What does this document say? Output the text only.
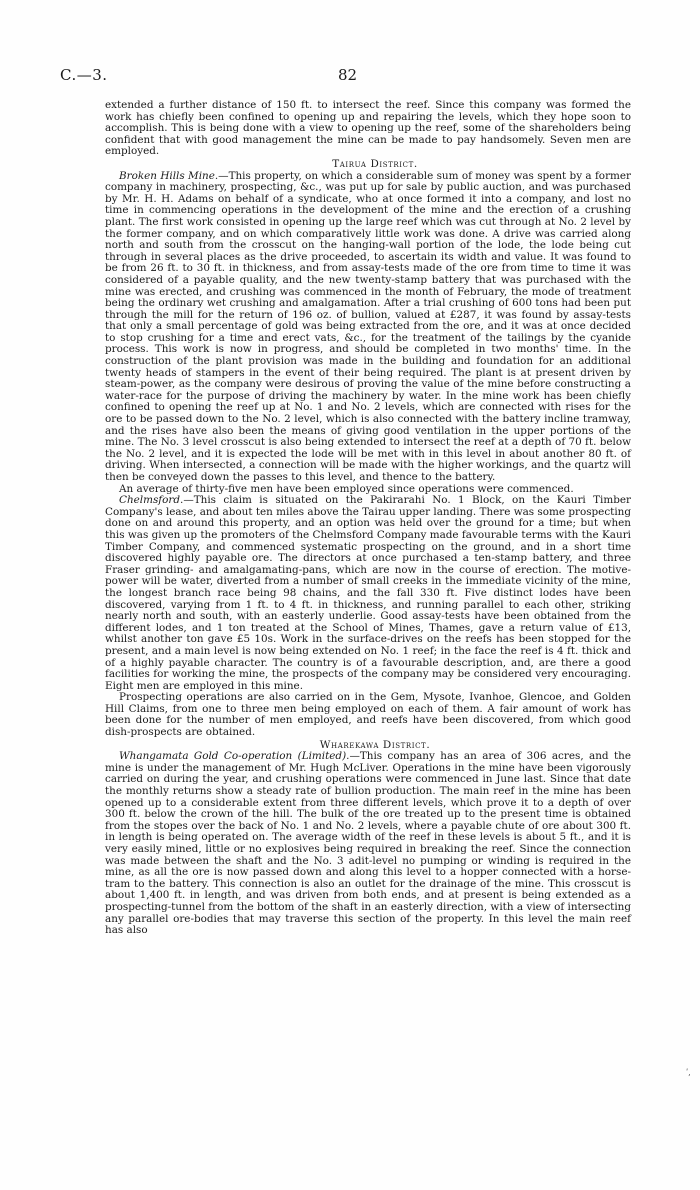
C.—3.	82

extended a further distance of 150 ft. to intersect the reef. Since this company was formed the work has chiefly been confined to opening up and repairing the levels, which they hope soon to accomplish. This is being done with a view to opening up the reef, some of the shareholders being confident that with good management the mine can be made to pay handsomely. Seven men are employed.

Tairua District.

Broken Hills Mine.—This property, on which a considerable sum of money was spent by a former company in machinery, prospecting, &c., was put up for sale by public auction, and was purchased by Mr. H. H. Adams on behalf of a syndicate, who at once formed it into a company, and lost no time in commencing operations in the development of the mine and the erection of a crushing plant. The first work consisted in opening up the large reef which was cut through at No. 2 level by the former company, and on which comparatively little work was done. A drive was carried along north and south from the crosscut on the hanging-wall portion of the lode, the lode being cut through in several places as the drive proceeded, to ascertain its width and value. It was found to be from 26 ft. to 30 ft. in thickness, and from assay-tests made of the ore from time to time it was considered of a payable quality, and the new twenty-stamp battery that was purchased with the mine was erected, and crushing was commenced in the month of February, the mode of treatment being the ordinary wet crushing and amalgamation. After a trial crushing of 600 tons had been put through the mill for the return of 196 oz. of bullion, valued at £287, it was found by assay-tests that only a small percentage of gold was being extracted from the ore, and it was at once decided to stop crushing for a time and erect vats, &c., for the treatment of the tailings by the cyanide process. This work is now in progress, and should be completed in two months' time. In the construction of the plant provision was made in the building and foundation for an additional twenty heads of stampers in the event of their being required. The plant is at present driven by steam-power, as the company were desirous of proving the value of the mine before constructing a water-race for the purpose of driving the machinery by water. In the mine work has been chiefly confined to opening the reef up at No. 1 and No. 2 levels, which are connected with rises for the ore to be passed down to the No. 2 level, which is also connected with the battery incline tramway, and the rises have also been the means of giving good ventilation in the upper portions of the mine. The No. 3 level crosscut is also being extended to intersect the reef at a depth of 70 ft. below the No. 2 level, and it is expected the lode will be met with in this level in about another 80 ft. of driving. When intersected, a connection will be made with the higher workings, and the quartz will then be conveyed down the passes to this level, and thence to the battery.

An average of thirty-five men have been employed since operations were commenced.

Chelmsford.—This claim is situated on the Pakirarahi No. 1 Block, on the Kauri Timber Company's lease, and about ten miles above the Tairau upper landing. There was some prospecting done on and around this property, and an option was held over the ground for a time; but when this was given up the promoters of the Chelmsford Company made favourable terms with the Kauri Timber Company, and commenced systematic prospecting on the ground, and in a short time discovered highly payable ore. The directors at once purchased a ten-stamp battery, and three Fraser grinding- and amalgamating-pans, which are now in the course of erection. The motive-power will be water, diverted from a number of small creeks in the immediate vicinity of the mine, the longest branch race being 98 chains, and the fall 330 ft. Five distinct lodes have been discovered, varying from 1 ft. to 4 ft. in thickness, and running parallel to each other, striking nearly north and south, with an easterly underlie. Good assay-tests have been obtained from the different lodes, and 1 ton treated at the School of Mines, Thames, gave a return value of £13, whilst another ton gave £5 10s. Work in the surface-drives on the reefs has been stopped for the present, and a main level is now being extended on No. 1 reef; in the face the reef is 4 ft. thick and of a highly payable character. The country is of a favourable description, and, are there a good facilities for working the mine, the prospects of the company may be considered very encouraging. Eight men are employed in this mine.

Prospecting operations are also carried on in the Gem, Mysote, Ivanhoe, Glencoe, and Golden Hill Claims, from one to three men being employed on each of them. A fair amount of work has been done for the number of men employed, and reefs have been discovered, from which good dish-prospects are obtained.

Wharekawa District.

Whangamata Gold Co-operation (Limited).—This company has an area of 306 acres, and the mine is under the management of Mr. Hugh McLiver. Operations in the mine have been vigorously carried on during the year, and crushing operations were commenced in June last. Since that date the monthly returns show a steady rate of bullion production. The main reef in the mine has been opened up to a considerable extent from three different levels, which prove it to a depth of over 300 ft. below the crown of the hill. The bulk of the ore treated up to the present time is obtained from the stopes over the back of No. 1 and No. 2 levels, where a payable chute of ore about 300 ft. in length is being operated on. The average width of the reef in these levels is about 5 ft., and it is very easily mined, little or no explosives being required in breaking the reef. Since the connection was made between the shaft and the No. 3 adit-level no pumping or winding is required in the mine, as all the ore is now passed down and along this level to a hopper connected with a horse-tram to the battery. This connection is also an outlet for the drainage of the mine. This crosscut is about 1,400 ft. in length, and was driven from both ends, and at present is being extended as a prospecting-tunnel from the bottom of the shaft in an easterly direction, with a view of intersecting any parallel ore-bodies that may traverse this section of the property. In this level the main reef has also

ʹ,
